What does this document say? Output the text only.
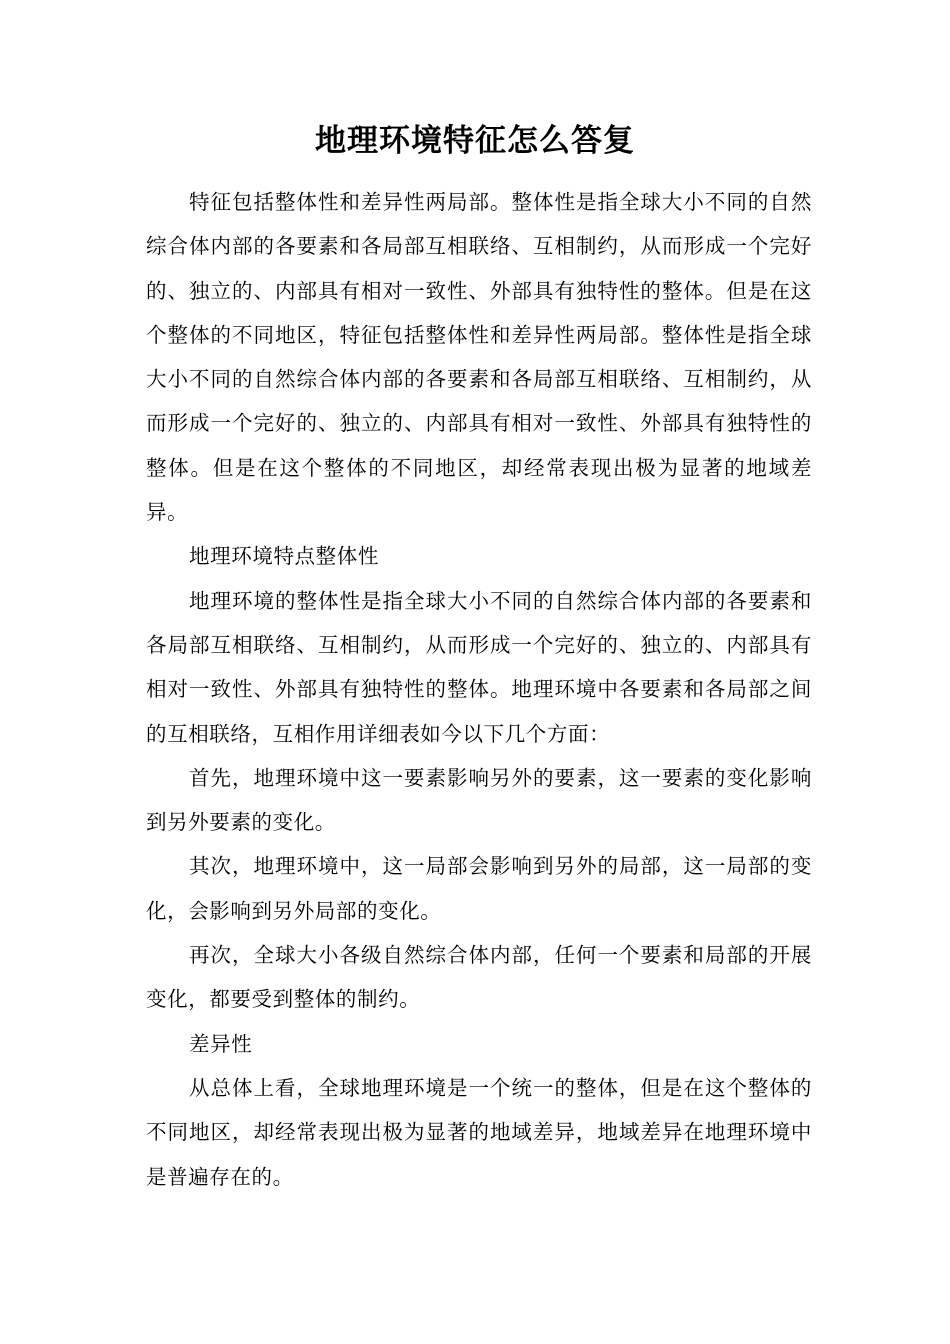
地理环境特征怎么答复

特征包括整体性和差异性两局部。整体性是指全球大小不同的自然综合体内部的各要素和各局部互相联络、互相制约，从而形成一个完好的、独立的、内部具有相对一致性、外部具有独特性的整体。但是在这个整体的不同地区，特征包括整体性和差异性两局部。整体性是指全球大小不同的自然综合体内部的各要素和各局部互相联络、互相制约，从而形成一个完好的、独立的、内部具有相对一致性、外部具有独特性的整体。但是在这个整体的不同地区，却经常表现出极为显著的地域差异。

地理环境特点整体性

地理环境的整体性是指全球大小不同的自然综合体内部的各要素和各局部互相联络、互相制约，从而形成一个完好的、独立的、内部具有相对一致性、外部具有独特性的整体。地理环境中各要素和各局部之间的互相联络，互相作用详细表如今以下几个方面：

首先，地理环境中这一要素影响另外的要素，这一要素的变化影响到另外要素的变化。

其次，地理环境中，这一局部会影响到另外的局部，这一局部的变化，会影响到另外局部的变化。

再次，全球大小各级自然综合体内部，任何一个要素和局部的开展变化，都要受到整体的制约。

差异性

从总体上看，全球地理环境是一个统一的整体，但是在这个整体的不同地区，却经常表现出极为显著的地域差异，地域差异在地理环境中是普遍存在的。
